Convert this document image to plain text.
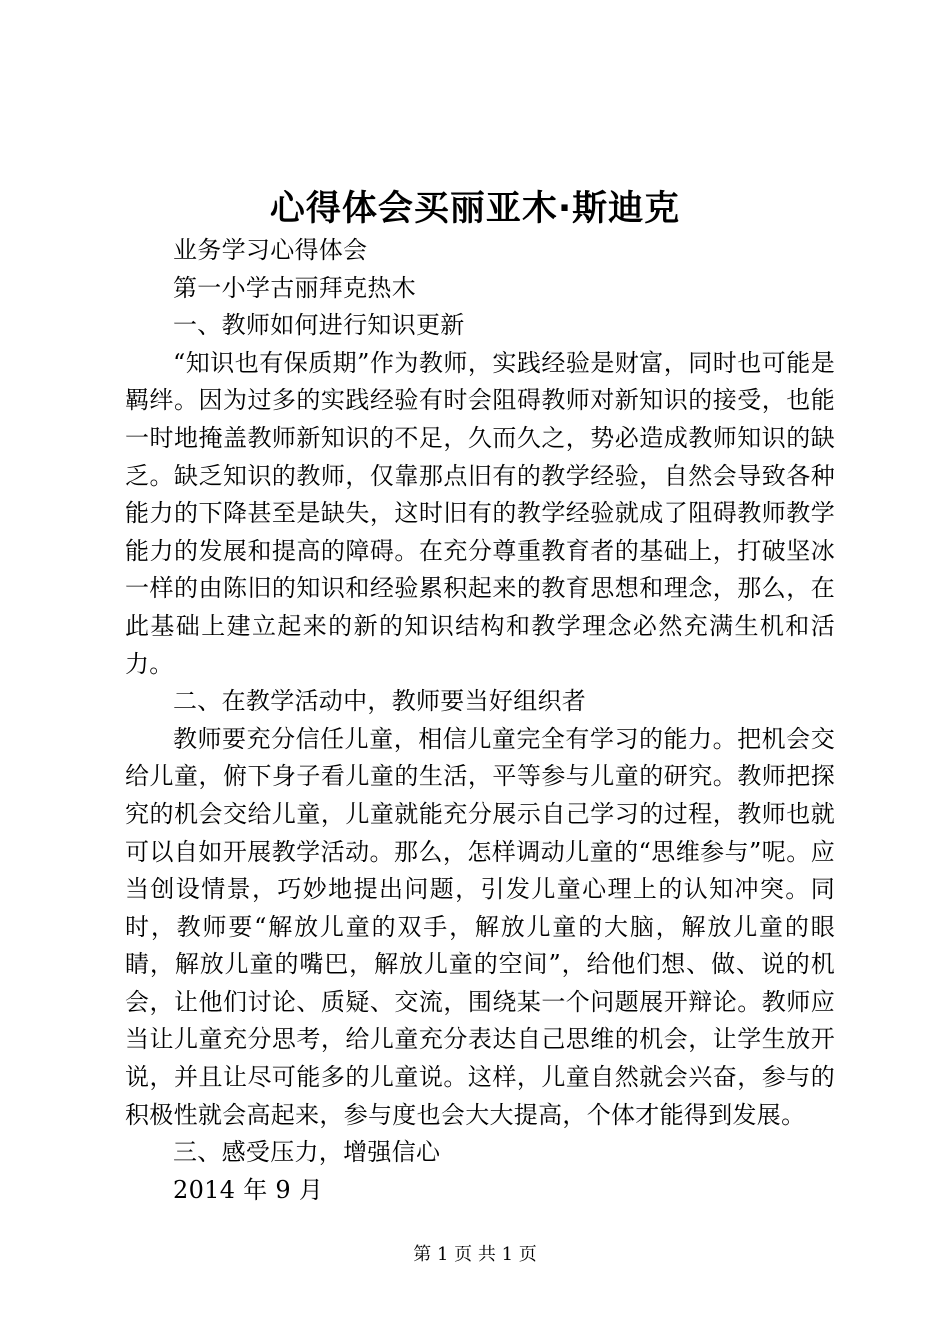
心得体会买丽亚木·斯迪克

业务学习心得体会

第一小学古丽拜克热木

一、教师如何进行知识更新

“知识也有保质期”作为教师，实践经验是财富，同时也可能是羁绊。因为过多的实践经验有时会阻碍教师对新知识的接受，也能一时地掩盖教师新知识的不足，久而久之，势必造成教师知识的缺乏。缺乏知识的教师，仅靠那点旧有的教学经验，自然会导致各种能力的下降甚至是缺失，这时旧有的教学经验就成了阻碍教师教学能力的发展和提高的障碍。在充分尊重教育者的基础上，打破坚冰一样的由陈旧的知识和经验累积起来的教育思想和理念，那么，在此基础上建立起来的新的知识结构和教学理念必然充满生机和活力。

二、在教学活动中，教师要当好组织者

教师要充分信任儿童，相信儿童完全有学习的能力。把机会交给儿童，俯下身子看儿童的生活，平等参与儿童的研究。教师把探究的机会交给儿童，儿童就能充分展示自己学习的过程，教师也就可以自如开展教学活动。那么，怎样调动儿童的“思维参与”呢。应当创设情景，巧妙地提出问题，引发儿童心理上的认知冲突。同时，教师要“解放儿童的双手，解放儿童的大脑，解放儿童的眼睛，解放儿童的嘴巴，解放儿童的空间”，给他们想、做、说的机会，让他们讨论、质疑、交流，围绕某一个问题展开辩论。教师应当让儿童充分思考，给儿童充分表达自己思维的机会，让学生放开说，并且让尽可能多的儿童说。这样，儿童自然就会兴奋，参与的积极性就会高起来，参与度也会大大提高，个体才能得到发展。

三、感受压力，增强信心

2014 年 9 月

第 1 页 共 1 页
